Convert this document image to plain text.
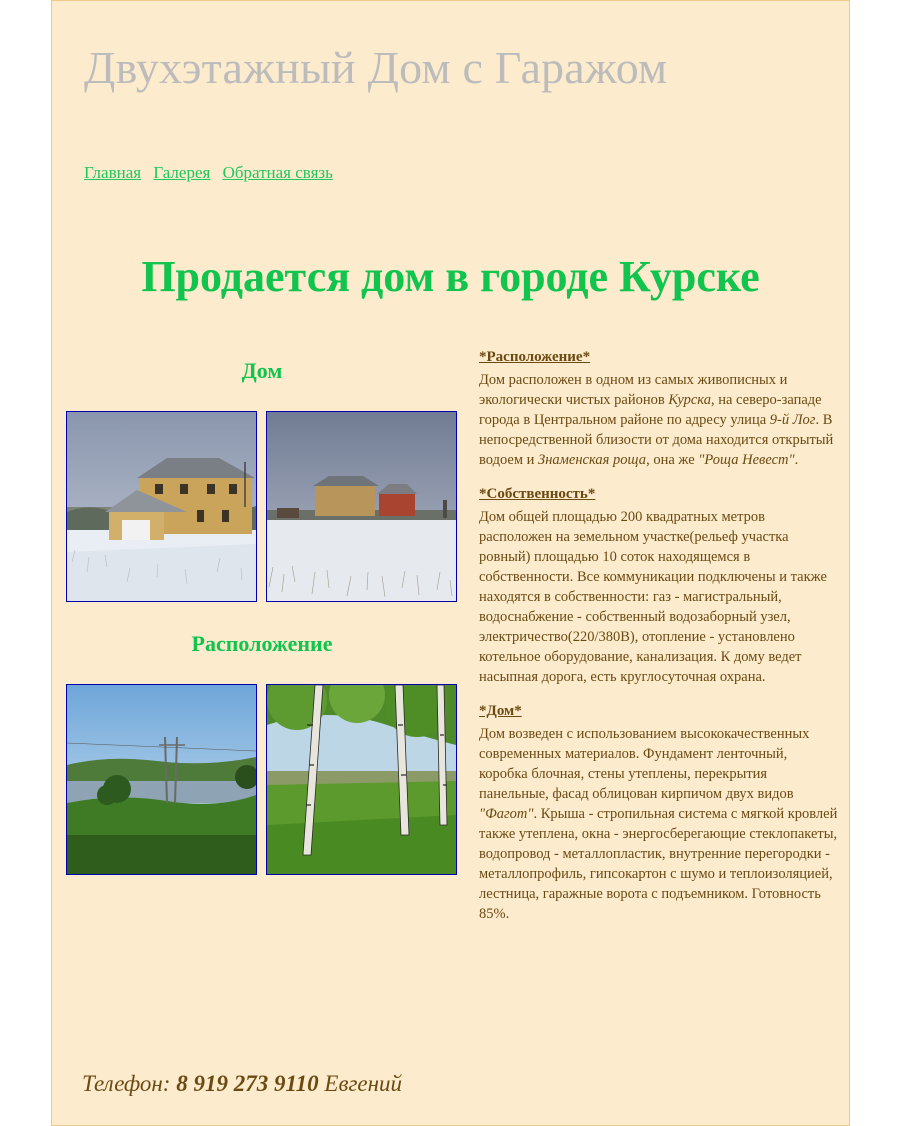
Двухэтажный Дом с Гаражом
Главная Галерея Обратная связь
Продается дом в городе Курске
Дом
Расположение
*Расположение*

Дом расположен в одном из самых живописных и экологически чистых районов Курска, на северо-западе города в Центральном районе по адресу улица 9-й Лог. В непосредственной близости от дома находится открытый водоем и Знаменская роща, она же "Роща Невест".

*Собственность*

Дом общей площадью 200 квадратных метров расположен на земельном участке(рельеф участка ровный) площадью 10 соток находящемся в собственности. Все коммуникации подключены и также находятся в собственности: газ - магистральный, водоснабжение - собственный водозаборный узел, электричество(220/380В), отопление - установлено котельное оборудование, канализация. К дому ведет насыпная дорога, есть круглосуточная охрана.

*Дом*

Дом возведен с использованием высококачественных современных материалов. Фундамент ленточный, коробка блочная, стены утеплены, перекрытия панельные, фасад облицован кирпичом двух видов "Фагот". Крыша - стропильная система с мягкой кровлей также утеплена, окна - энергосберегающие стеклопакеты, водопровод - металлопластик, внутренние перегородки - металлопрофиль, гипсокартон с шумо и теплоизоляцией, лестница, гаражные ворота с подъемником. Готовность 85%.

Телефон: 8 919 273 9110 Евгений
